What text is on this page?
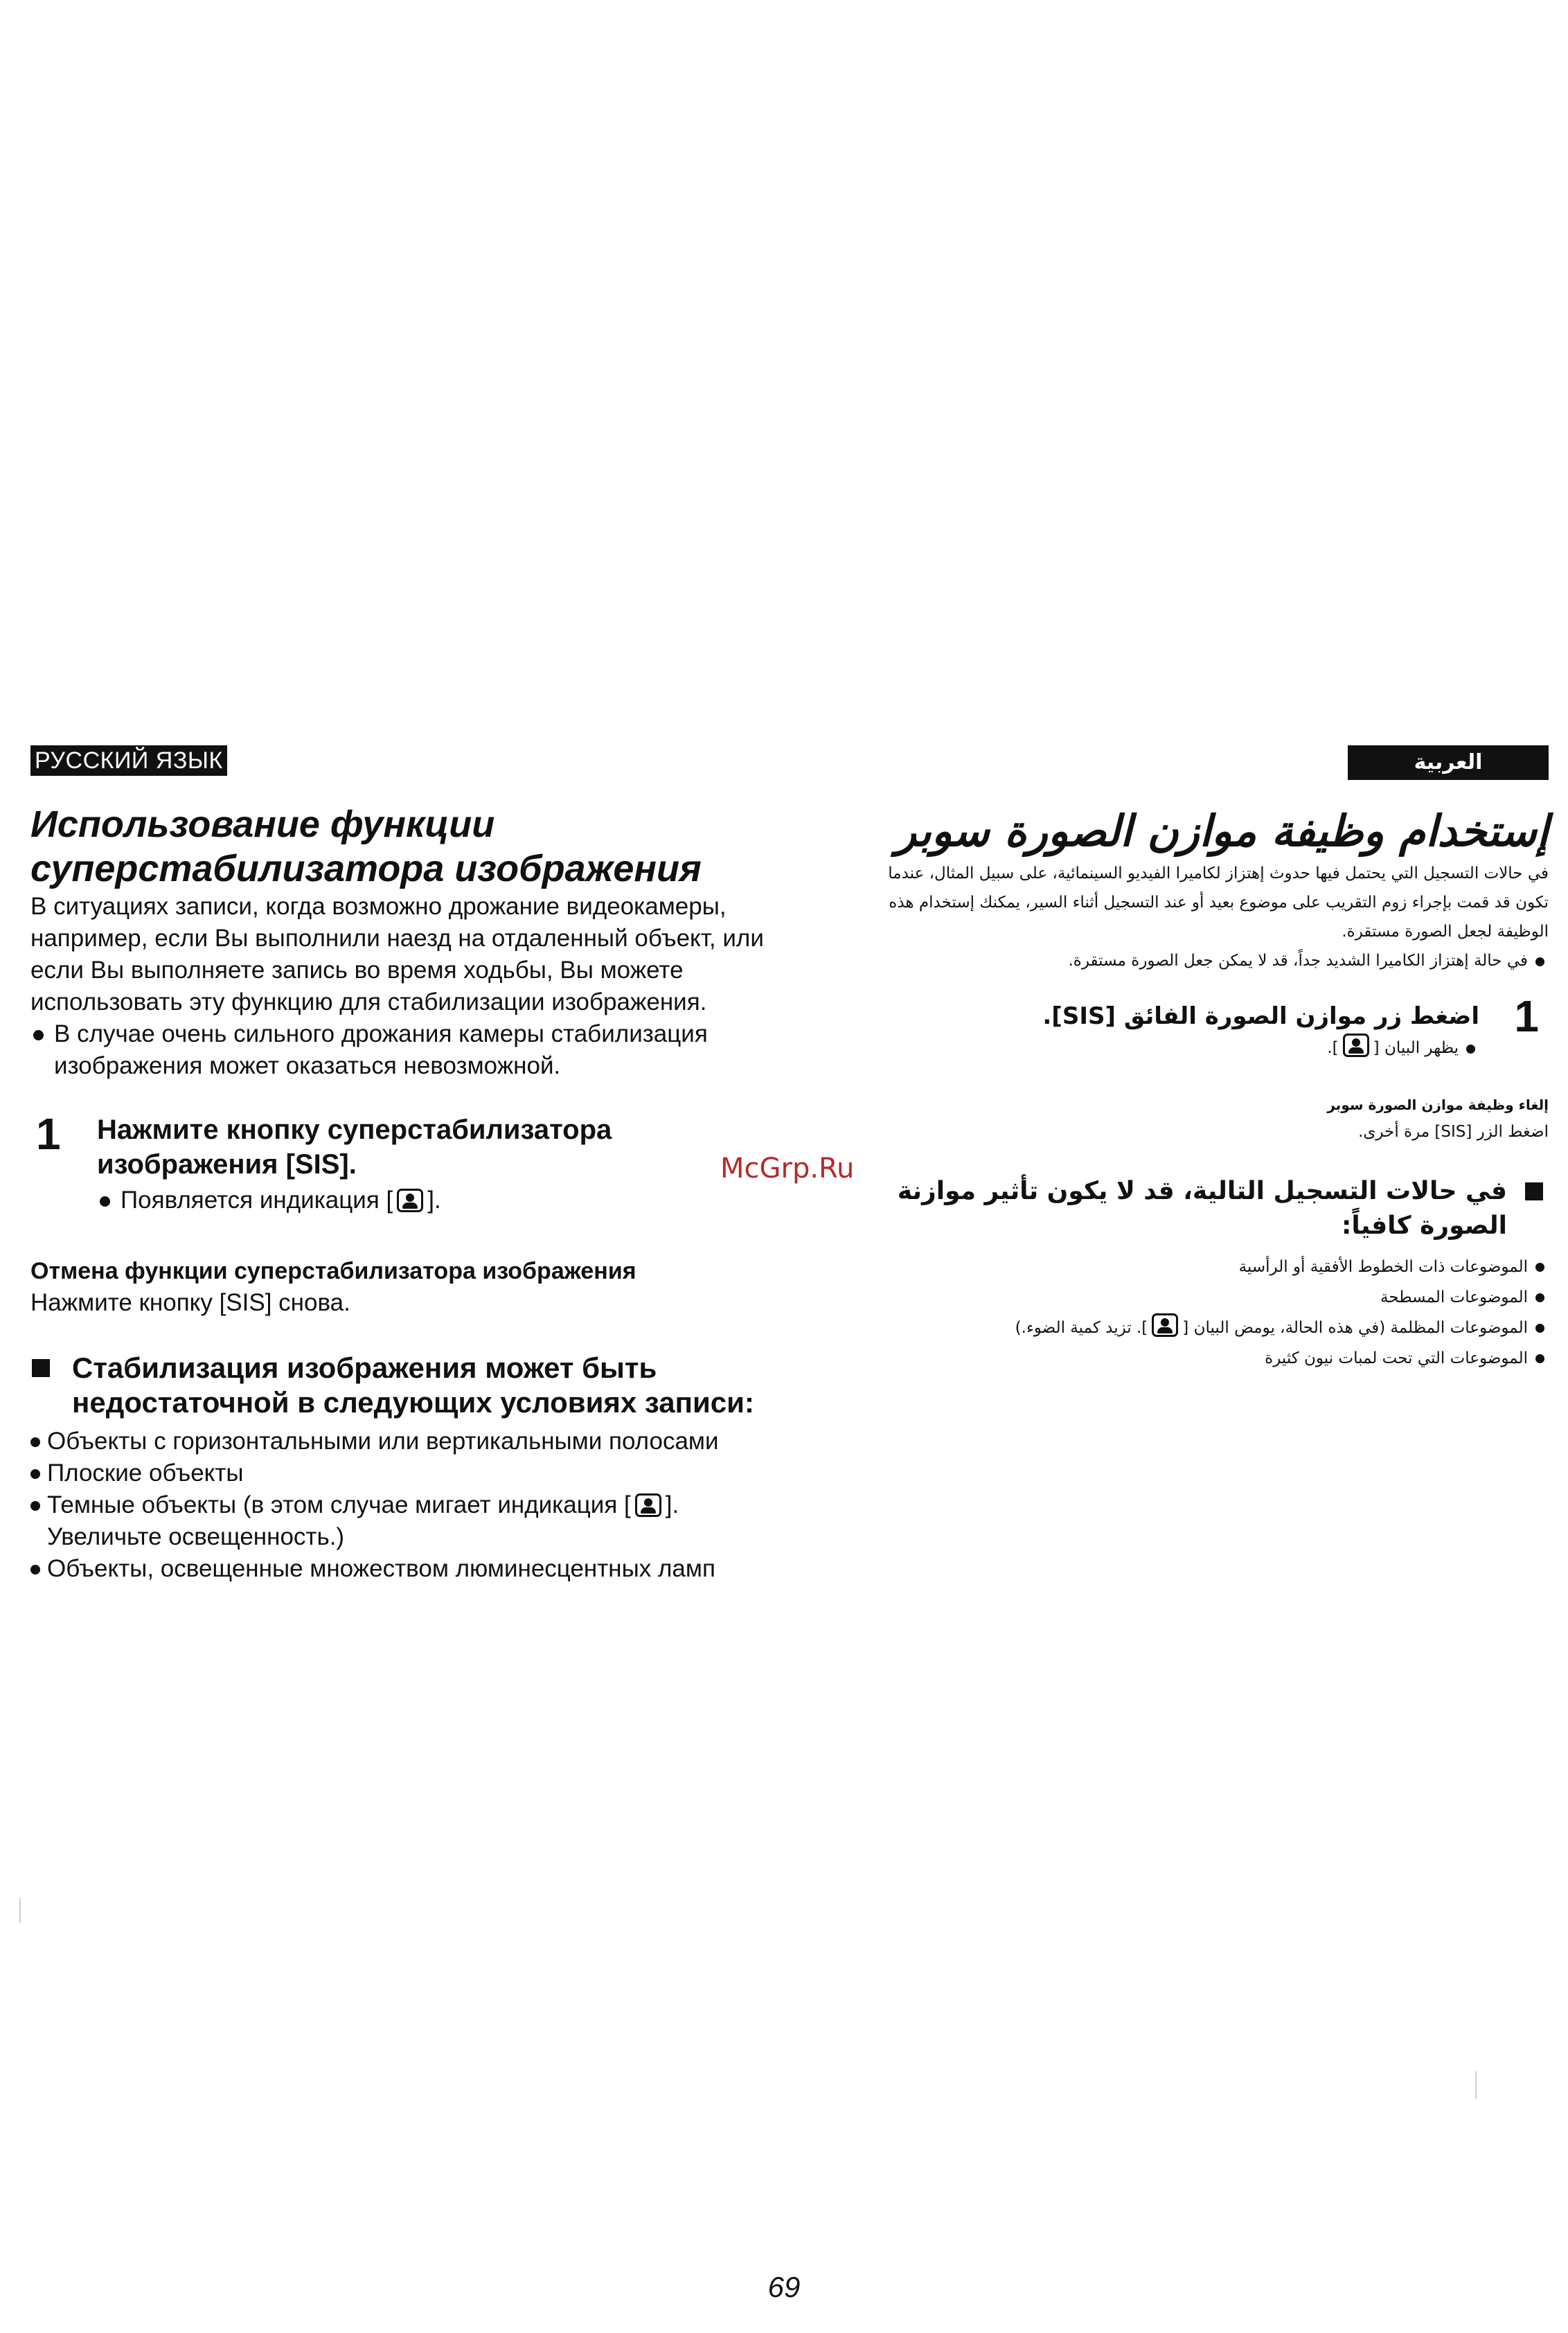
РУССКИЙ ЯЗЫК
Использование функции
суперстабилизатора изображения

В ситуациях записи, когда возможно дрожание видеокамеры, например, если Вы выполнили наезд на отдаленный объект, или если Вы выполняете запись во время ходьбы, Вы можете использовать эту функцию для стабилизации изображения.

В случае очень сильного дрожания камеры стабилизация изображения может оказаться невозможной.

1 Нажмите кнопку суперстабилизатора изображения [SIS].

Появляется индикация [ ].

Отмена функции суперстабилизатора изображения

Нажмите кнопку [SIS] снова.

Стабилизация изображения может быть недостаточной в следующих условиях записи:

Объекты с горизонтальными или вертикальными полосами
Плоские объекты
Темные объекты (в этом случае мигает индикация [ ]. Увеличьте освещенность.)
Объекты, освещенные множеством люминесцентных ламп
McGrp.Ru
العربية
إستخدام وظيفة موازن الصورة سوبر

في حالات التسجيل التي يحتمل فيها حدوث إهتزاز لكاميرا الفيديو السينمائية، على سبيل المثال، عندما تكون قد قمت بإجراء زوم التقريب على موضوع بعيد أو عند التسجيل أثناء السير، يمكنك إستخدام هذه الوظيفة لجعل الصورة مستقرة.

في حالة إهتزاز الكاميرا الشديد جداً، قد لا يمكن جعل الصورة مستقرة.

1

اضغط زر موازن الصورة الفائق [SIS].

يظهر البيان [].

إلغاء وظيفة موازن الصورة سوبر

اضغط الزر [SIS] مرة أخرى.

في حالات التسجيل التالية، قد لا يكون تأثير موازنة الصورة كافياً:

الموضوعات ذات الخطوط الأفقية أو الرأسية
الموضوعات المسطحة
الموضوعات المظلمة (في هذه الحالة، يومض البيان []. تزيد كمية الضوء.)
الموضوعات التي تحت لمبات نيون كثيرة
69
